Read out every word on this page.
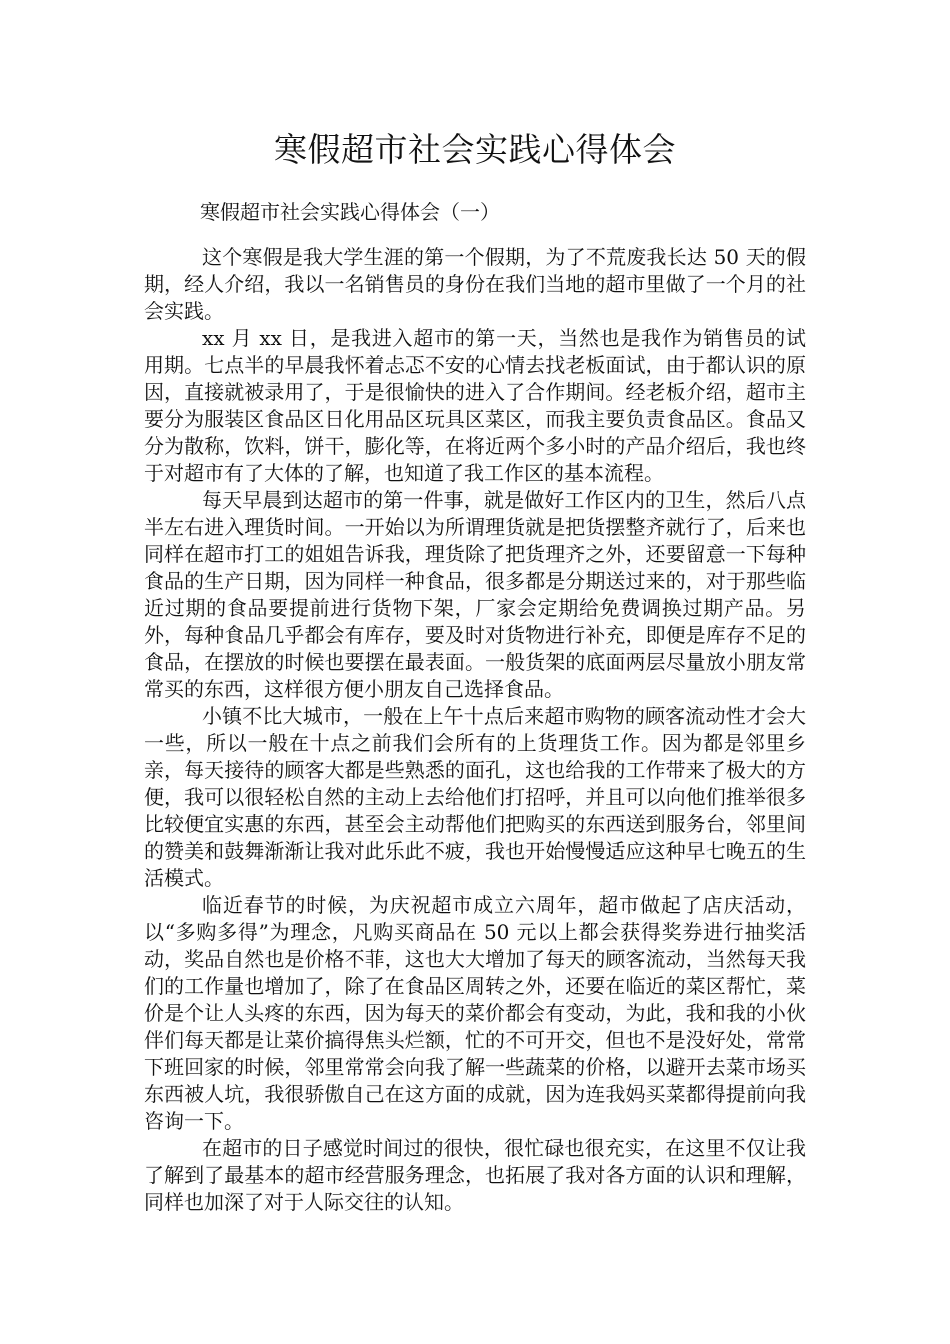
寒假超市社会实践心得体会
寒假超市社会实践心得体会（一）

这个寒假是我大学生涯的第一个假期，为了不荒废我长达 50 天的假期，经人介绍，我以一名销售员的身份在我们当地的超市里做了一个月的社会实践。

xx 月 xx 日，是我进入超市的第一天，当然也是我作为销售员的试用期。七点半的早晨我怀着忐忑不安的心情去找老板面试，由于都认识的原因，直接就被录用了，于是很愉快的进入了合作期间。经老板介绍，超市主要分为服装区食品区日化用品区玩具区菜区，而我主要负责食品区。食品又分为散称，饮料，饼干，膨化等，在将近两个多小时的产品介绍后，我也终于对超市有了大体的了解，也知道了我工作区的基本流程。

每天早晨到达超市的第一件事，就是做好工作区内的卫生，然后八点半左右进入理货时间。一开始以为所谓理货就是把货摆整齐就行了，后来也同样在超市打工的姐姐告诉我，理货除了把货理齐之外，还要留意一下每种食品的生产日期，因为同样一种食品，很多都是分期送过来的，对于那些临近过期的食品要提前进行货物下架，厂家会定期给免费调换过期产品。另外，每种食品几乎都会有库存，要及时对货物进行补充，即便是库存不足的食品，在摆放的时候也要摆在最表面。一般货架的底面两层尽量放小朋友常常买的东西，这样很方便小朋友自己选择食品。

小镇不比大城市，一般在上午十点后来超市购物的顾客流动性才会大一些，所以一般在十点之前我们会所有的上货理货工作。因为都是邻里乡亲，每天接待的顾客大都是些熟悉的面孔，这也给我的工作带来了极大的方便，我可以很轻松自然的主动上去给他们打招呼，并且可以向他们推举很多比较便宜实惠的东西，甚至会主动帮他们把购买的东西送到服务台，邻里间的赞美和鼓舞渐渐让我对此乐此不疲，我也开始慢慢适应这种早七晚五的生活模式。

临近春节的时候，为庆祝超市成立六周年，超市做起了店庆活动，以“多购多得”为理念，凡购买商品在 50 元以上都会获得奖券进行抽奖活动，奖品自然也是价格不菲，这也大大增加了每天的顾客流动，当然每天我们的工作量也增加了，除了在食品区周转之外，还要在临近的菜区帮忙，菜价是个让人头疼的东西，因为每天的菜价都会有变动，为此，我和我的小伙伴们每天都是让菜价搞得焦头烂额，忙的不可开交，但也不是没好处，常常下班回家的时候，邻里常常会向我了解一些蔬菜的价格，以避开去菜市场买东西被人坑，我很骄傲自己在这方面的成就，因为连我妈买菜都得提前向我咨询一下。

在超市的日子感觉时间过的很快，很忙碌也很充实，在这里不仅让我了解到了最基本的超市经营服务理念，也拓展了我对各方面的认识和理解，同样也加深了对于人际交往的认知。
